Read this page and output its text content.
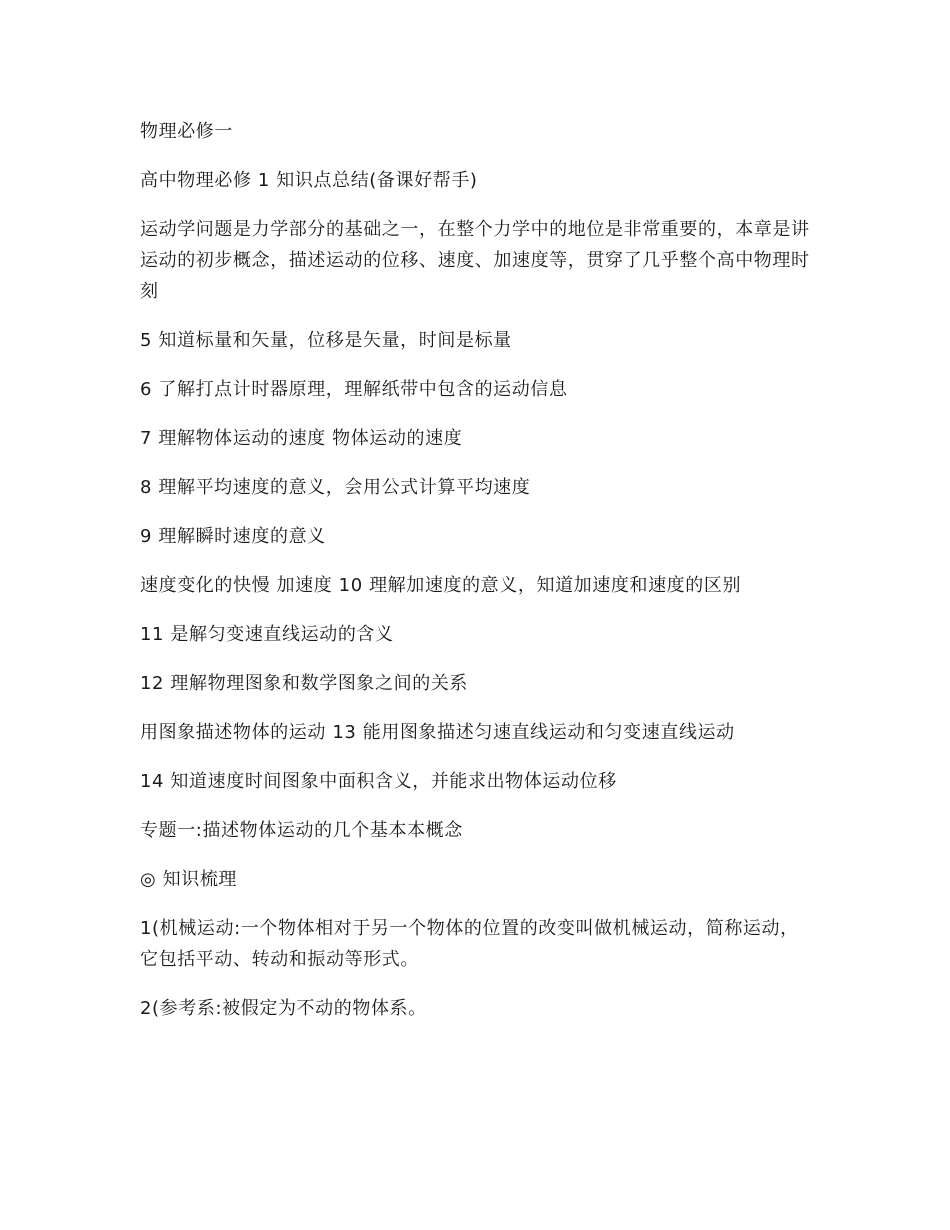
物理必修一

高中物理必修 1 知识点总结(备课好帮手)

运动学问题是力学部分的基础之一，在整个力学中的地位是非常重要的，本章是讲运动的初步概念，描述运动的位移、速度、加速度等，贯穿了几乎整个高中物理时刻

5 知道标量和矢量，位移是矢量，时间是标量

6 了解打点计时器原理，理解纸带中包含的运动信息

7 理解物体运动的速度 物体运动的速度

8 理解平均速度的意义，会用公式计算平均速度

9 理解瞬时速度的意义

速度变化的快慢 加速度 10 理解加速度的意义，知道加速度和速度的区别

11 是解匀变速直线运动的含义

12 理解物理图象和数学图象之间的关系

用图象描述物体的运动 13 能用图象描述匀速直线运动和匀变速直线运动

14 知道速度时间图象中面积含义，并能求出物体运动位移

专题一:描述物体运动的几个基本本概念

◎ 知识梳理

1(机械运动:一个物体相对于另一个物体的位置的改变叫做机械运动，简称运动，它包括平动、转动和振动等形式。

2(参考系:被假定为不动的物体系。
